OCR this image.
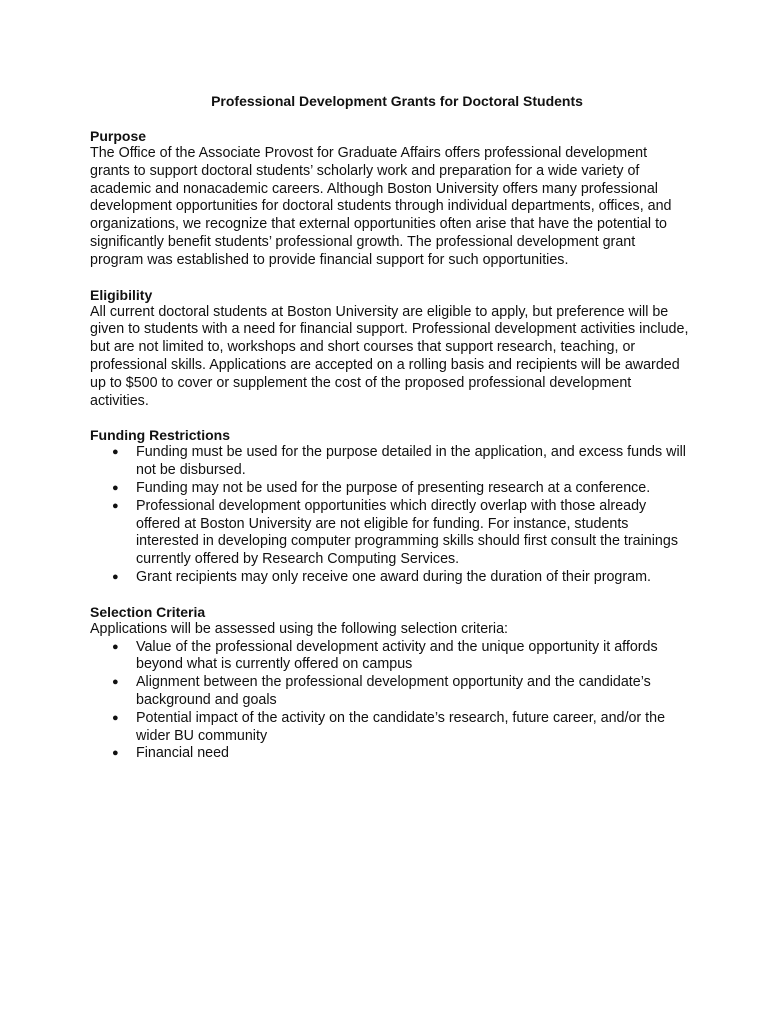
Professional Development Grants for Doctoral Students
Purpose

The Office of the Associate Provost for Graduate Affairs offers professional development grants to support doctoral students’ scholarly work and preparation for a wide variety of academic and nonacademic careers. Although Boston University offers many professional development opportunities for doctoral students through individual departments, offices, and organizations, we recognize that external opportunities often arise that have the potential to significantly benefit students’ professional growth. The professional development grant program was established to provide financial support for such opportunities.

Eligibility

All current doctoral students at Boston University are eligible to apply, but preference will be given to students with a need for financial support. Professional development activities include, but are not limited to, workshops and short courses that support research, teaching, or professional skills. Applications are accepted on a rolling basis and recipients will be awarded up to $500 to cover or supplement the cost of the proposed professional development activities.

Funding Restrictions
● Funding must be used for the purpose detailed in the application, and excess funds will not be disbursed.
● Funding may not be used for the purpose of presenting research at a conference.
● Professional development opportunities which directly overlap with those already offered at Boston University are not eligible for funding. For instance, students interested in developing computer programming skills should first consult the trainings currently offered by Research Computing Services.
● Grant recipients may only receive one award during the duration of their program.
Selection Criteria

Applications will be assessed using the following selection criteria:

● Value of the professional development activity and the unique opportunity it affords beyond what is currently offered on campus
● Alignment between the professional development opportunity and the candidate’s background and goals
● Potential impact of the activity on the candidate’s research, future career, and/or the wider BU community
● Financial need
